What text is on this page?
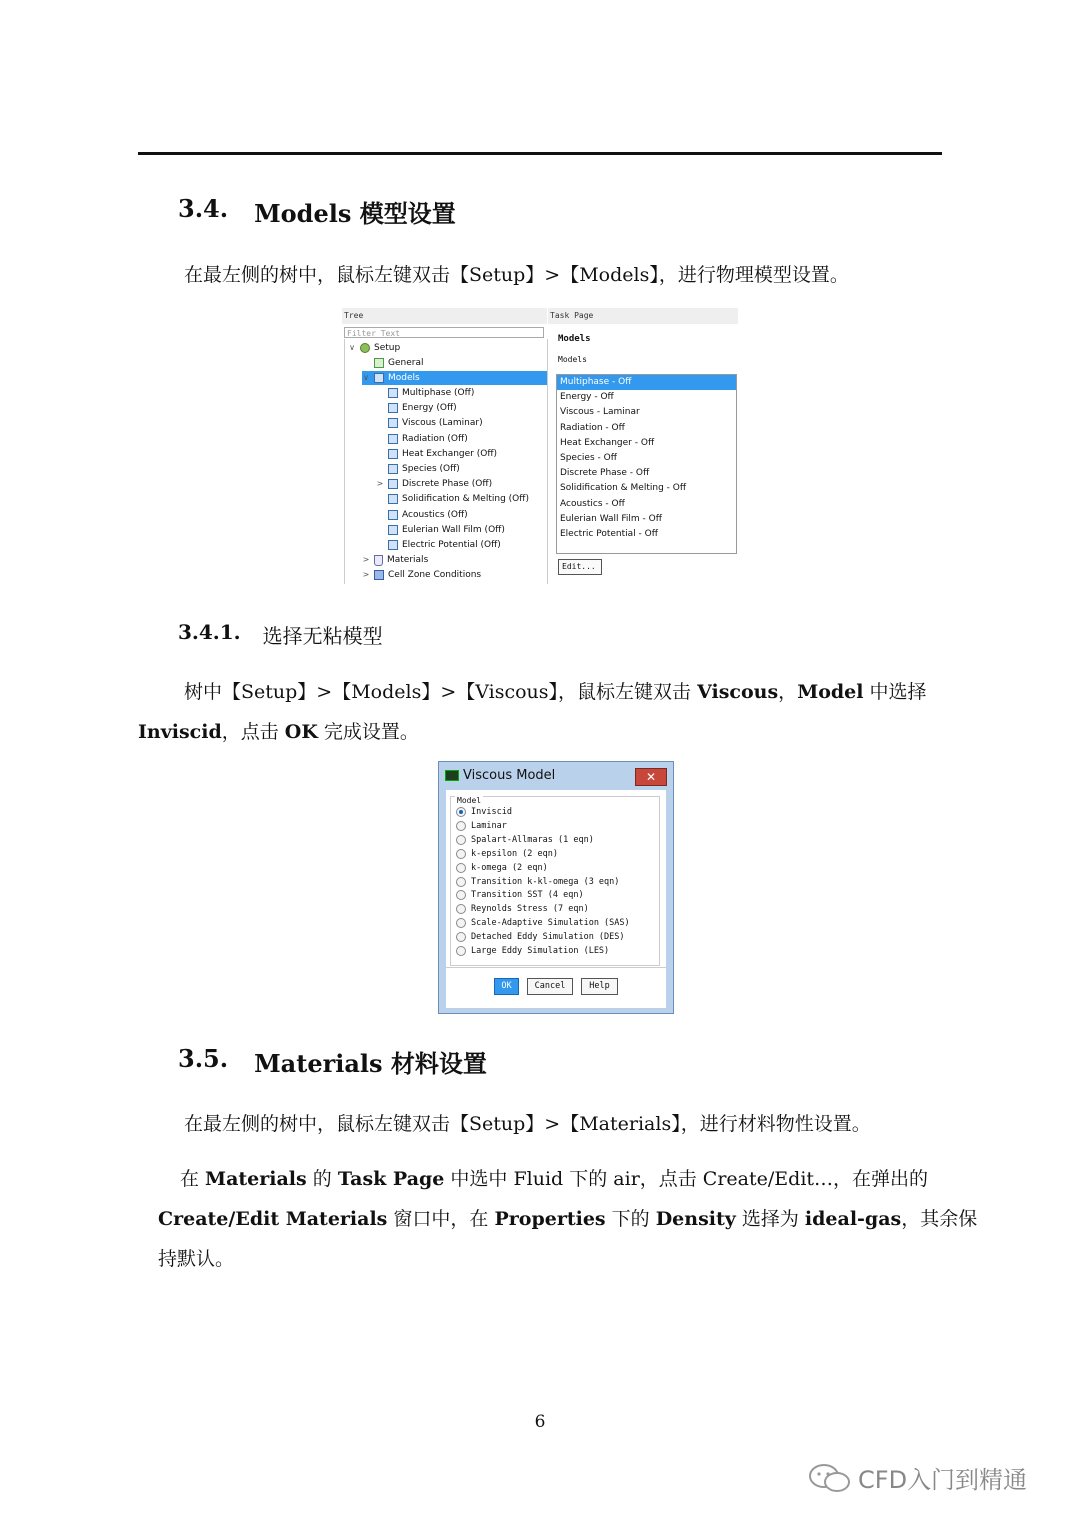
3.4. Models 模型设置
在最左侧的树中，鼠标左键双击【Setup】>【Models】，进行物理模型设置。
Tree
Filter Text
∨ Setup
General
∨ Models
Multiphase (Off)
Energy (Off)
Viscous (Laminar)
Radiation (Off)
Heat Exchanger (Off)
Species (Off)
> Discrete Phase (Off)
Solidification & Melting (Off)
Acoustics (Off)
Eulerian Wall Film (Off)
Electric Potential (Off)
> Materials
> Cell Zone Conditions
Task Page
Models
Models
Multiphase - Off
Energy - Off
Viscous - Laminar
Radiation - Off
Heat Exchanger - Off
Species - Off
Discrete Phase - Off
Solidification & Melting - Off
Acoustics - Off
Eulerian Wall Film - Off
Electric Potential - Off
Edit...
3.4.1. 选择无粘模型
树中【Setup】>【Models】>【Viscous】，鼠标左键双击 Viscous，Model 中选择
Inviscid，点击 OK 完成设置。
Viscous Model	✕
Model
Inviscid
Laminar
Spalart-Allmaras (1 eqn)
k-epsilon (2 eqn)
k-omega (2 eqn)
Transition k-kl-omega (3 eqn)
Transition SST (4 eqn)
Reynolds Stress (7 eqn)
Scale-Adaptive Simulation (SAS)
Detached Eddy Simulation (DES)
Large Eddy Simulation (LES)
OK	Cancel	Help
3.5. Materials 材料设置
在最左侧的树中，鼠标左键双击【Setup】>【Materials】，进行材料物性设置。
在 Materials 的 Task Page 中选中 Fluid 下的 air，点击 Create/Edit…，在弹出的
Create/Edit Materials 窗口中，在 Properties 下的 Density 选择为 ideal-gas，其余保
持默认。
6
CFD入门到精通
